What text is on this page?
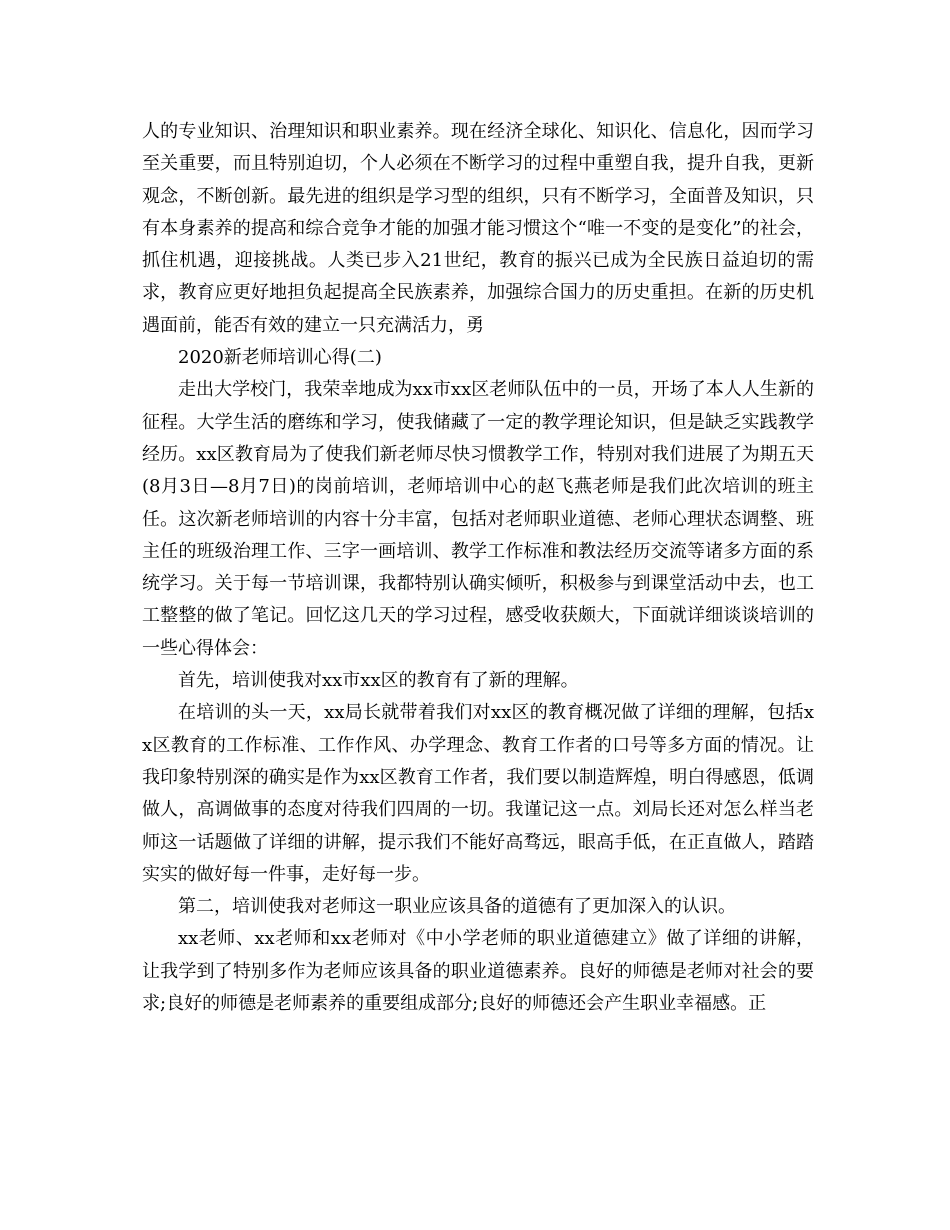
人的专业知识、治理知识和职业素养。现在经济全球化、知识化、信息化，因而学习至关重要，而且特别迫切，个人必须在不断学习的过程中重塑自我，提升自我，更新观念，不断创新。最先进的组织是学习型的组织，只有不断学习，全面普及知识，只有本身素养的提高和综合竞争才能的加强才能习惯这个“唯一不变的是变化”的社会，抓住机遇，迎接挑战。人类已步入21世纪，教育的振兴已成为全民族日益迫切的需求，教育应更好地担负起提高全民族素养，加强综合国力的历史重担。在新的历史机遇面前，能否有效的建立一只充满活力，勇

2020新老师培训心得(二)

走出大学校门，我荣幸地成为xx市xx区老师队伍中的一员，开场了本人人生新的征程。大学生活的磨练和学习，使我储藏了一定的教学理论知识，但是缺乏实践教学经历。xx区教育局为了使我们新老师尽快习惯教学工作，特别对我们进展了为期五天(8月3日—8月7日)的岗前培训，老师培训中心的赵飞燕老师是我们此次培训的班主任。这次新老师培训的内容十分丰富，包括对老师职业道德、老师心理状态调整、班主任的班级治理工作、三字一画培训、教学工作标准和教法经历交流等诸多方面的系统学习。关于每一节培训课，我都特别认确实倾听，积极参与到课堂活动中去，也工工整整的做了笔记。回忆这几天的学习过程，感受收获颇大，下面就详细谈谈培训的一些心得体会：

首先，培训使我对xx市xx区的教育有了新的理解。

在培训的头一天，xx局长就带着我们对xx区的教育概况做了详细的理解，包括xx区教育的工作标准、工作作风、办学理念、教育工作者的口号等多方面的情况。让我印象特别深的确实是作为xx区教育工作者，我们要以制造辉煌，明白得感恩，低调做人，高调做事的态度对待我们四周的一切。我谨记这一点。刘局长还对怎么样当老师这一话题做了详细的讲解，提示我们不能好高骛远，眼高手低，在正直做人，踏踏实实的做好每一件事，走好每一步。

第二，培训使我对老师这一职业应该具备的道德有了更加深入的认识。

xx老师、xx老师和xx老师对《中小学老师的职业道德建立》做了详细的讲解，让我学到了特别多作为老师应该具备的职业道德素养。良好的师德是老师对社会的要求;良好的师德是老师素养的重要组成部分;良好的师德还会产生职业幸福感。正
